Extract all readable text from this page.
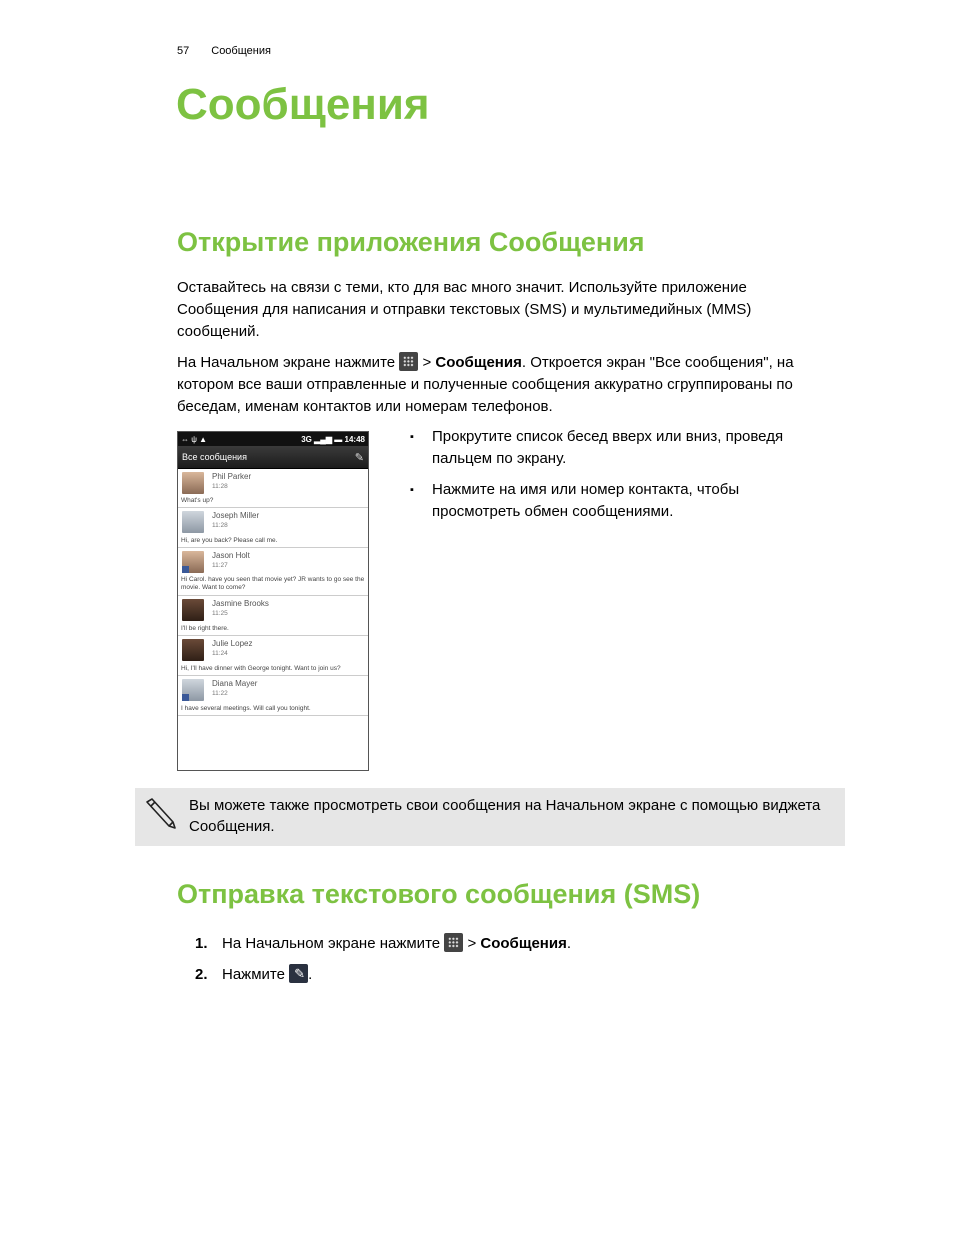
57 Сообщения
Сообщения
Открытие приложения Сообщения

Оставайтесь на связи с теми, кто для вас много значит. Используйте приложение Сообщения для написания и отправки текстовых (SMS) и мультимедийных (MMS) сообщений.

На Начальном экране нажмите
> Сообщения. Откроется экран "Все сообщения", на котором все ваши отправленные и полученные сообщения аккуратно сгруппированы по беседам, именам контактов или номерам телефонов.

⇔ ψ ▲	3G ▂▄▆ ▬ 14:48
Все сообщения	✎
Phil Parker
11:28
What's up?
Joseph Miller
11:28
Hi, are you back? Please call me.
Jason Holt
11:27
Hi Carol. have you seen that movie yet? JR wants to go see the movie. Want to come?
Jasmine Brooks
11:25
I'll be right there.
Julie Lopez
11:24
Hi, I'll have dinner with George tonight. Want to join us?
Diana Mayer
11:22
I have several meetings. Will call you tonight.
▪ Прокрутите список бесед вверх или вниз, проведя пальцем по экрану.
▪ Нажмите на имя или номер контакта, чтобы просмотреть обмен сообщениями.

Вы можете также просмотреть свои сообщения на Начальном экране с помощью виджета Сообщения.

Отправка текстового сообщения (SMS)
1. На Начальном экране нажмите
> Сообщения.
2. Нажмите ✎ .
